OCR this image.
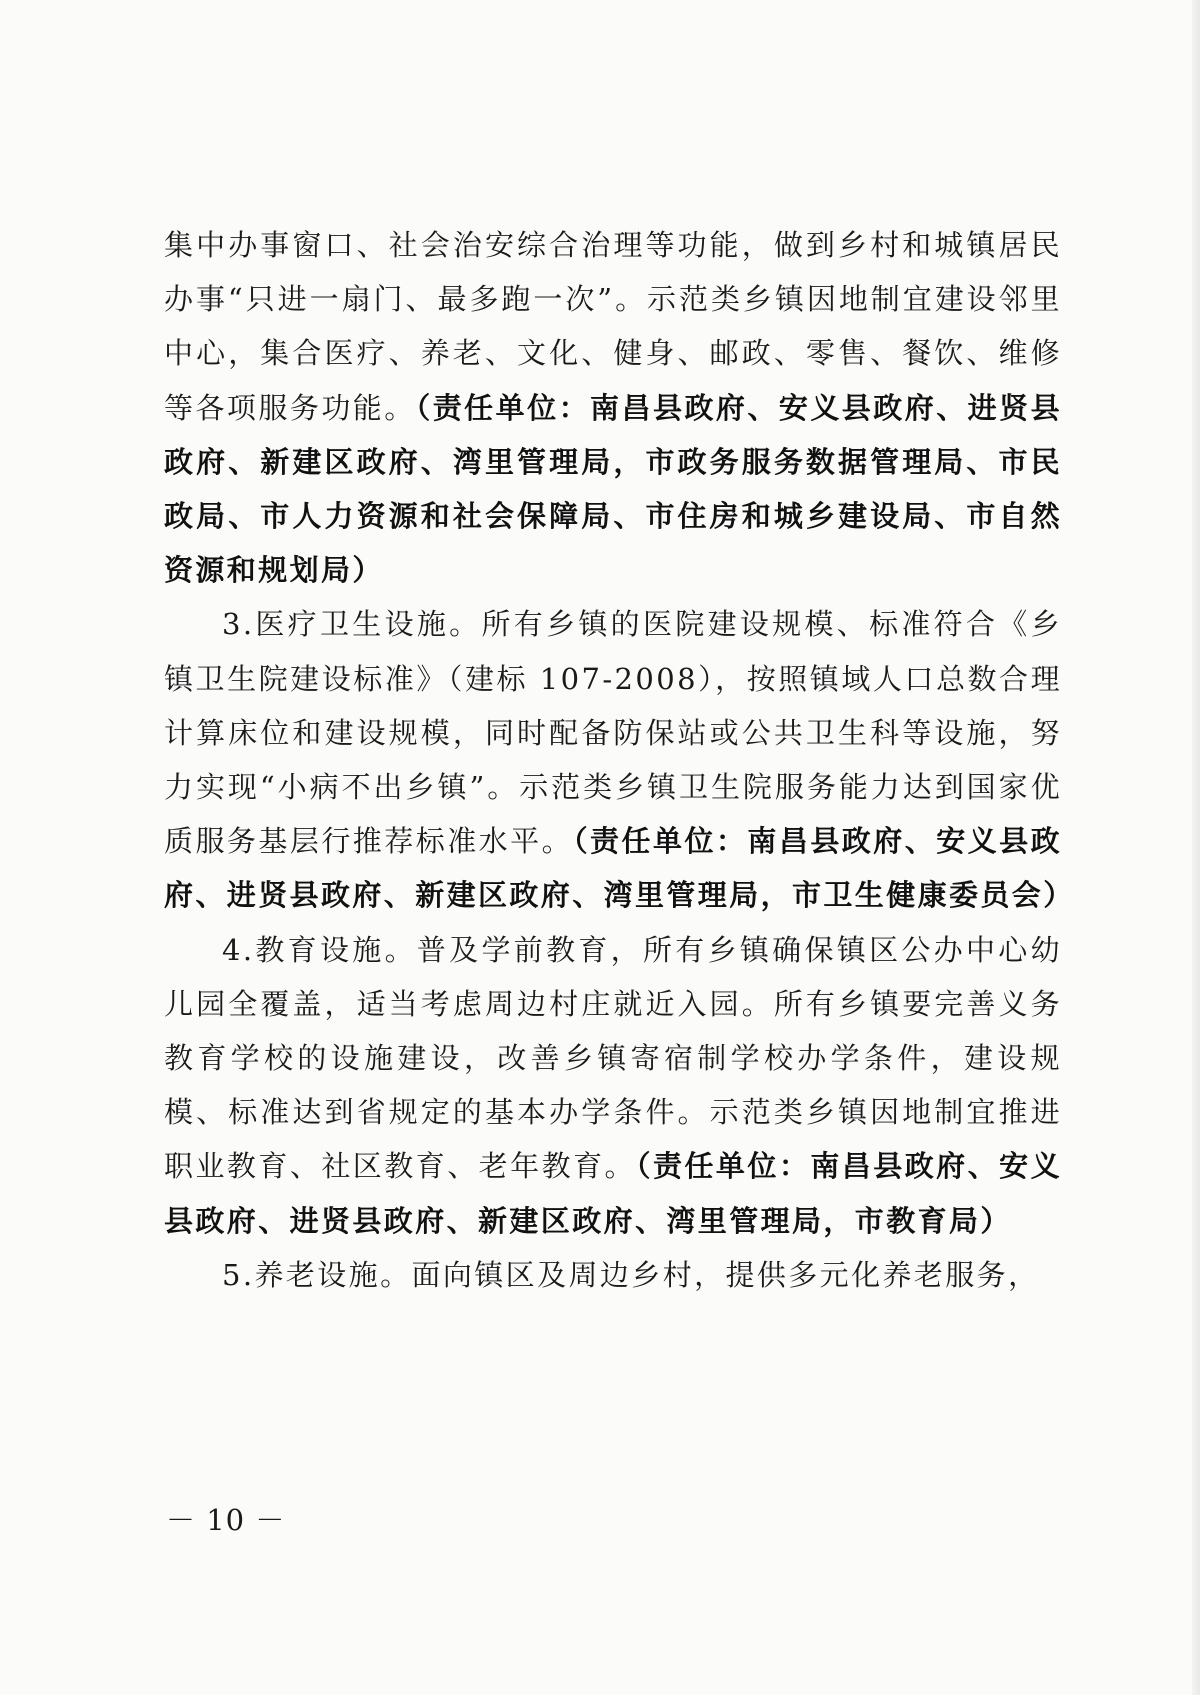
集中办事窗口、社会治安综合治理等功能，做到乡村和城镇居民办事“只进一扇门、最多跑一次”。示范类乡镇因地制宜建设邻里中心，集合医疗、养老、文化、健身、邮政、零售、餐饮、维修等各项服务功能。（责任单位：南昌县政府、安义县政府、进贤县政府、新建区政府、湾里管理局，市政务服务数据管理局、市民政局、市人力资源和社会保障局、市住房和城乡建设局、市自然资源和规划局）

3.医疗卫生设施。所有乡镇的医院建设规模、标准符合《乡镇卫生院建设标准》（建标 107-2008），按照镇域人口总数合理计算床位和建设规模，同时配备防保站或公共卫生科等设施，努力实现“小病不出乡镇”。示范类乡镇卫生院服务能力达到国家优质服务基层行推荐标准水平。（责任单位：南昌县政府、安义县政府、进贤县政府、新建区政府、湾里管理局，市卫生健康委员会）

4.教育设施。普及学前教育，所有乡镇确保镇区公办中心幼儿园全覆盖，适当考虑周边村庄就近入园。所有乡镇要完善义务教育学校的设施建设，改善乡镇寄宿制学校办学条件，建设规模、标准达到省规定的基本办学条件。示范类乡镇因地制宜推进职业教育、社区教育、老年教育。（责任单位：南昌县政府、安义县政府、进贤县政府、新建区政府、湾里管理局，市教育局）

5.养老设施。面向镇区及周边乡村，提供多元化养老服务，

－ 10 －
